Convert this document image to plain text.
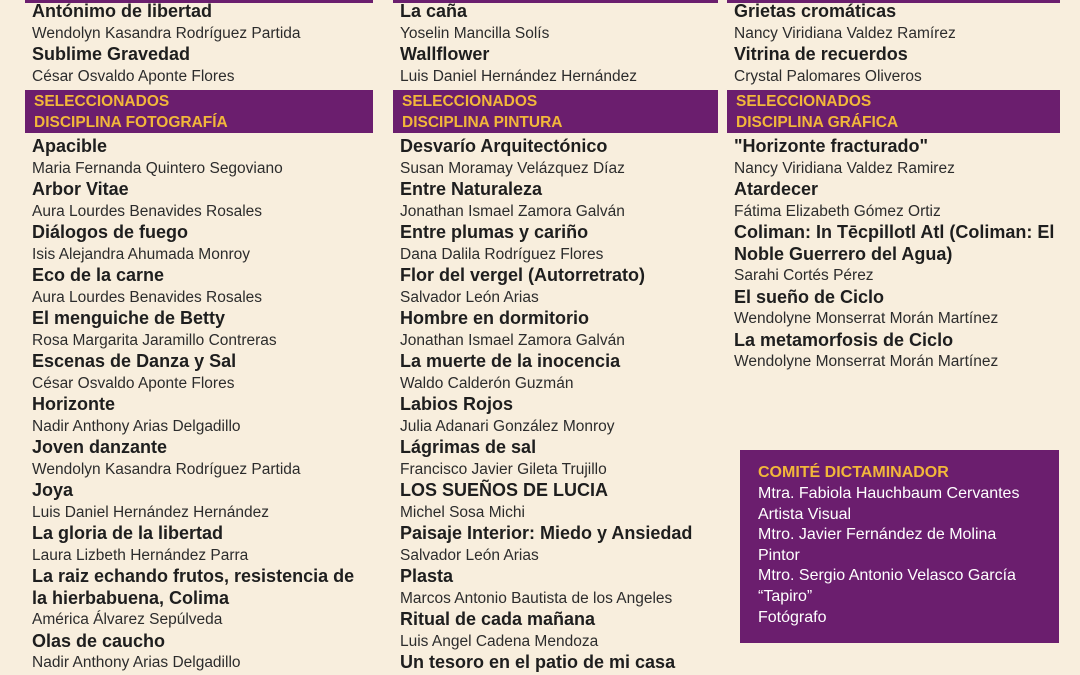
Antónimo de libertad

Wendolyn Kasandra Rodríguez Partida

Sublime Gravedad

César Osvaldo Aponte Flores

SELECCIONADOS
DISCIPLINA FOTOGRAFÍA

Apacible

Maria Fernanda Quintero Segoviano

Arbor Vitae

Aura Lourdes Benavides Rosales

Diálogos de fuego

Isis Alejandra Ahumada Monroy

Eco de la carne

Aura Lourdes Benavides Rosales

El menguiche de Betty

Rosa Margarita Jaramillo Contreras

Escenas de Danza y Sal

César Osvaldo Aponte Flores

Horizonte

Nadir Anthony Arias Delgadillo

Joven danzante

Wendolyn Kasandra Rodríguez Partida

Joya

Luis Daniel Hernández Hernández

La gloria de la libertad

Laura Lizbeth Hernández Parra

La raiz echando frutos, resistencia de la hierbabuena, Colima

América Álvarez Sepúlveda

Olas de caucho

Nadir Anthony Arias Delgadillo

La caña

Yoselin Mancilla Solís

Wallflower

Luis Daniel Hernández Hernández

SELECCIONADOS
DISCIPLINA PINTURA

Desvarío Arquitectónico

Susan Moramay Velázquez Díaz

Entre Naturaleza

Jonathan Ismael Zamora Galván

Entre plumas y cariño

Dana Dalila Rodríguez Flores

Flor del vergel (Autorretrato)

Salvador León Arias

Hombre en dormitorio

Jonathan Ismael Zamora Galván

La muerte de la inocencia

Waldo Calderón Guzmán

Labios Rojos

Julia Adanari González Monroy

Lágrimas de sal

Francisco Javier Gileta Trujillo

LOS SUEÑOS DE LUCIA

Michel Sosa Michi

Paisaje Interior: Miedo y Ansiedad

Salvador León Arias

Plasta

Marcos Antonio Bautista de los Angeles

Ritual de cada mañana

Luis Angel Cadena Mendoza

Un tesoro en el patio de mi casa

Grietas cromáticas

Nancy Viridiana Valdez Ramírez

Vitrina de recuerdos

Crystal Palomares Oliveros

SELECCIONADOS
DISCIPLINA GRÁFICA

"Horizonte fracturado"

Nancy Viridiana Valdez Ramirez

Atardecer

Fátima Elizabeth Gómez Ortiz

Coliman: In Tēcpillotl Atl (Coliman: El Noble Guerrero del Agua)

Sarahi Cortés Pérez

El sueño de Ciclo

Wendolyne Monserrat Morán Martínez

La metamorfosis de Ciclo

Wendolyne Monserrat Morán Martínez

COMITÉ DICTAMINADOR
Mtra. Fabiola Hauchbaum Cervantes
Artista Visual
Mtro. Javier Fernández de Molina
Pintor
Mtro. Sergio Antonio Velasco García
“Tapiro”
Fotógrafo
